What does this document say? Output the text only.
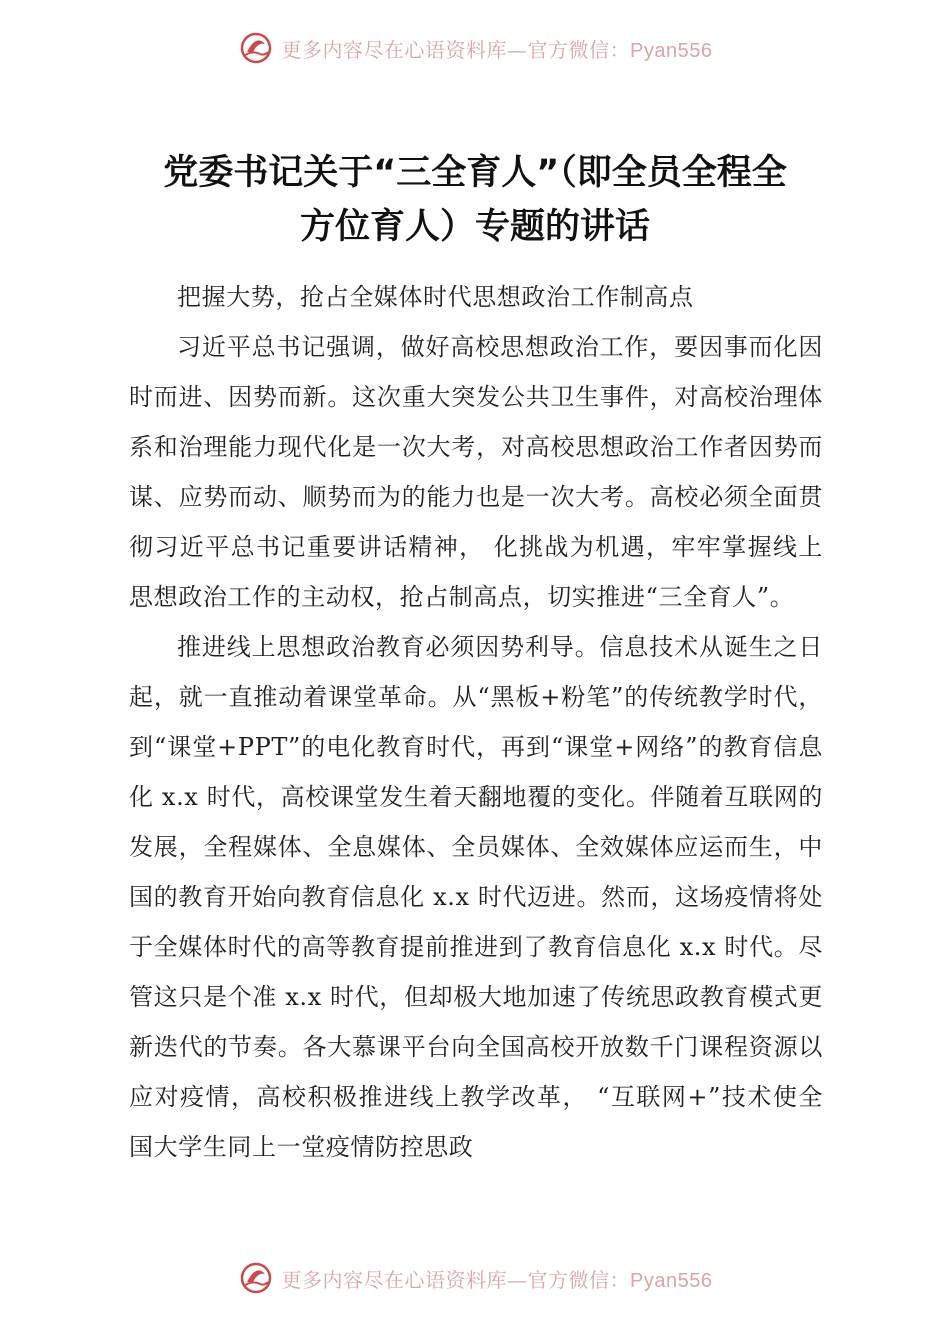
更多内容尽在心语资料库—官方微信：Pyan556
党委书记关于“三全育人”（即全员全程全
方位育人）专题的讲话

把握大势，抢占全媒体时代思想政治工作制高点

习近平总书记强调，做好高校思想政治工作，要因事而化因时而进、因势而新。这次重大突发公共卫生事件，对高校治理体系和治理能力现代化是一次大考，对高校思想政治工作者因势而谋、应势而动、顺势而为的能力也是一次大考。高校必须全面贯彻习近平总书记重要讲话精神， 化挑战为机遇，牢牢掌握线上思想政治工作的主动权，抢占制高点，切实推进“三全育人”。

推进线上思想政治教育必须因势利导。信息技术从诞生之日起，就一直推动着课堂革命。从“黑板+粉笔”的传统教学时代，到“课堂+PPT”的电化教育时代，再到“课堂+网络”的教育信息化 x.x 时代，高校课堂发生着天翻地覆的变化。伴随着互联网的发展，全程媒体、全息媒体、全员媒体、全效媒体应运而生，中国的教育开始向教育信息化 x.x 时代迈进。然而，这场疫情将处于全媒体时代的高等教育提前推进到了教育信息化 x.x 时代。尽管这只是个准 x.x 时代，但却极大地加速了传统思政教育模式更新迭代的节奏。各大慕课平台向全国高校开放数千门课程资源以应对疫情，高校积极推进线上教学改革， “互联网+”技术使全国大学生同上一堂疫情防控思政

更多内容尽在心语资料库—官方微信：Pyan556
